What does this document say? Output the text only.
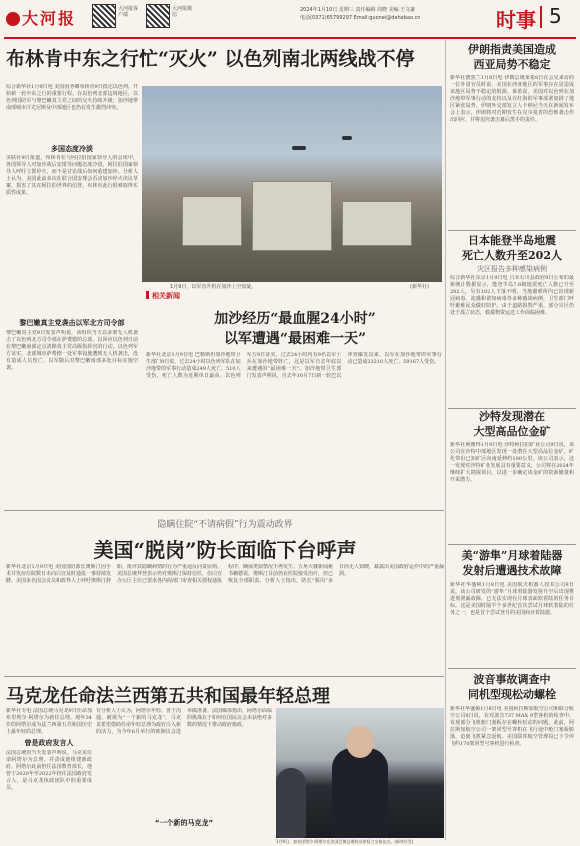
大河报	大河报客户端
大河报微信
2024年1月10日 星期三 责任编辑 周晓 美编 王文豪
电话(0371)65799297 Email:guonei@dahebao.cn	时事 5
布林肯中东之行忙“灭火” 以色列南北两线战不停
综合新华社1月9日电 美国国务卿布林肯9日抵达以色列，开始新一轮中东之行的重要行程。在以色列北部边境地区，以色列国防军与黎巴嫩真主党之间的交火持续升级；加沙地带南部城市汗尤尼斯及中部地区也仍在发生激烈冲突。
多国态度冷淡
美联社9日报道，布林肯在与阿拉伯国家领导人的会谈中，各国领导人对加沙战后安排等问题态度冷淡。阿拉伯国家领导人呼吁立即停火，而不是讨论战后如何重建加沙。分析人士认为，美国此前多次在联合国安理会否决加沙停火决议草案，损害了其在阿拉伯世界的信誉。布林肯此行很难取得实质性成果。
黎巴嫩真主党袭击以军北方司令部
黎巴嫩真主党9日发表声明说，该组织当天以多架无人机袭击了以色列北方司令部在萨费德的总部，以回应以色列日前在黎巴嫩南部定点清除真主党高级指挥官的行动。以色列军方证实，北部城市萨费德一处军事设施遭到无人机袭击，没有造成人员伤亡。以军随后对黎巴嫩南部多处目标实施空袭。
1月9日，以军直升机在加沙上空盘旋。	(新华社)
相关新闻
加沙经历“最血腥24小时”
以军遭遇“最困难一天”
新华社北京1月9日电 巴勒斯坦加沙地带卫生部门9日说，过去24小时以色列军队在加沙地带的军事行动造成249人死亡、510人受伤，死亡人数为近期单日最高。以色列军方9日证实，过去24小时内有9名以军士兵在加沙地带阵亡，这是以军自去年底以来遭遇的“最困难一天”。加沙地带卫生部门发表声明说，自去年10月7日新一轮巴以冲突爆发以来，以军在加沙地带的军事行动已造成23210人死亡，59167人受伤。
伊朗指责美国造成
西亚局势不稳定
新华社德黑兰1月8日电 伊朗总统莱希8日在会见来访的一位外国官员时说，美国在西亚地区的军事存在是造成该地区局势不稳定的根源。莱希说，美国对以色列在加沙地带军事行动的支持以及在红海的军事部署加剧了地区紧张局势。伊朗外交部发言人卡纳尼当天在新闻发布会上表示，伊朗将对近期发生在克尔曼省的恐怖袭击作出回应，并将追究袭击幕后黑手的责任。
日本能登半岛地震
死亡人数升至202人
灾区报告多种感染病例
综合新华社东京1月9日电 日本石川县政府9日公布的最新统计数据显示，能登半岛7.6级地震死亡人数已升至202人，另有102人下落不明。当地避难所内已出现新冠病毒、流感和诺如病毒等多种感染病例，卫生部门呼吁避难民众做好防护。由于道路损毁严重，部分灾区仍处于孤立状态，救援物资运送工作面临困难。
沙特发现潜在
大型高品位金矿
新华社利雅得1月9日电 沙特阿拉伯矿业公司9日说，该公司在沙特中部地区发现一处潜在大型高品位金矿，矿化带沿已知矿区向南延伸约100公里。该公司表示，这一发现对沙特矿业发展具有重要意义，公司将在2024年继续扩大勘探项目，以进一步确定该金矿的资源储量和开采潜力。
隐瞒住院“不请病假”行为震动政界
美国“脱岗”防长面临下台呼声
新华社北京1月9日电 美国国防部长奥斯汀因手术并发症住院数日未向白宫及时通报一事持续发酵。美国多名国会议员和政界人士呼吁奥斯汀辞职，批评其隐瞒病情的行为严重违反问责原则。美国总统拜登表示仍对奥斯汀保持信任，但白宫办公厅主任已要求各内阁部门审查相关授权通报程序，确保类似情况不再发生。五角大楼新闻秘书赖德说，奥斯汀目前仍在医院接受治疗，但已恢复全部职责。分析人士指出，防长“脱岗”多日而无人知晓，暴露出美国政府运作中的严重漏洞。
美“游隼”月球着陆器
发射后遭遇技术故障
新华社华盛顿1月8日电 美国航天机器人技术公司8日说，该公司研发的“游隼”月球着陆器发射升空后出现推进剂泄漏故障，已无法实现在月球表面软着陆的任务目标。这是美国时隔半个多世纪首次尝试月球软着陆的任务之一，也是首个尝试登月的美国商业着陆器。
马克龙任命法兰西第五共和国最年轻总理
新华社专电 法国总统马克龙9日任命加布里埃尔·阿塔尔为新任总理。现年34岁的阿塔尔成为法兰西第五共和国历史上最年轻的总理。
曾是政府发言人
法国总统府当天发表声明说，马克龙任命阿塔尔为总理，并责成他组建新政府。阿塔尔此前担任法国教育部长，他曾于2020年至2022年担任法国政府发言人，是马克龙执政团队中的重要成员。
有分析人士认为，阿塔尔年轻、善于沟通，被视为“一个新的马克龙”。马克龙希望借助任命年轻总理为政府注入新的活力，为今年6月举行的欧洲议会选举做准备。法国媒体指出，阿塔尔面临的挑战在于如何在国民议会未获绝对多数的情况下推动政府施政。
“一个新的马克龙”
1月9日，加布里埃尔·阿塔尔在法国巴黎总理府出席权力交接仪式。(新华社发)
波音事故调查中
同机型现松动螺栓
新华社华盛顿1月8日电 美国阿拉斯加航空公司和联合航空公司8日说，在对波音737 MAX 9型客机的检查中，发现部分飞机舱门塞板存在螺栓松动的问题。此前，阿拉斯加航空公司一架同型号客机在飞行途中舱门塞板脱落，迫使飞机紧急返航。美国联邦航空管理局已下令停飞约170架同型号客机进行检查。
